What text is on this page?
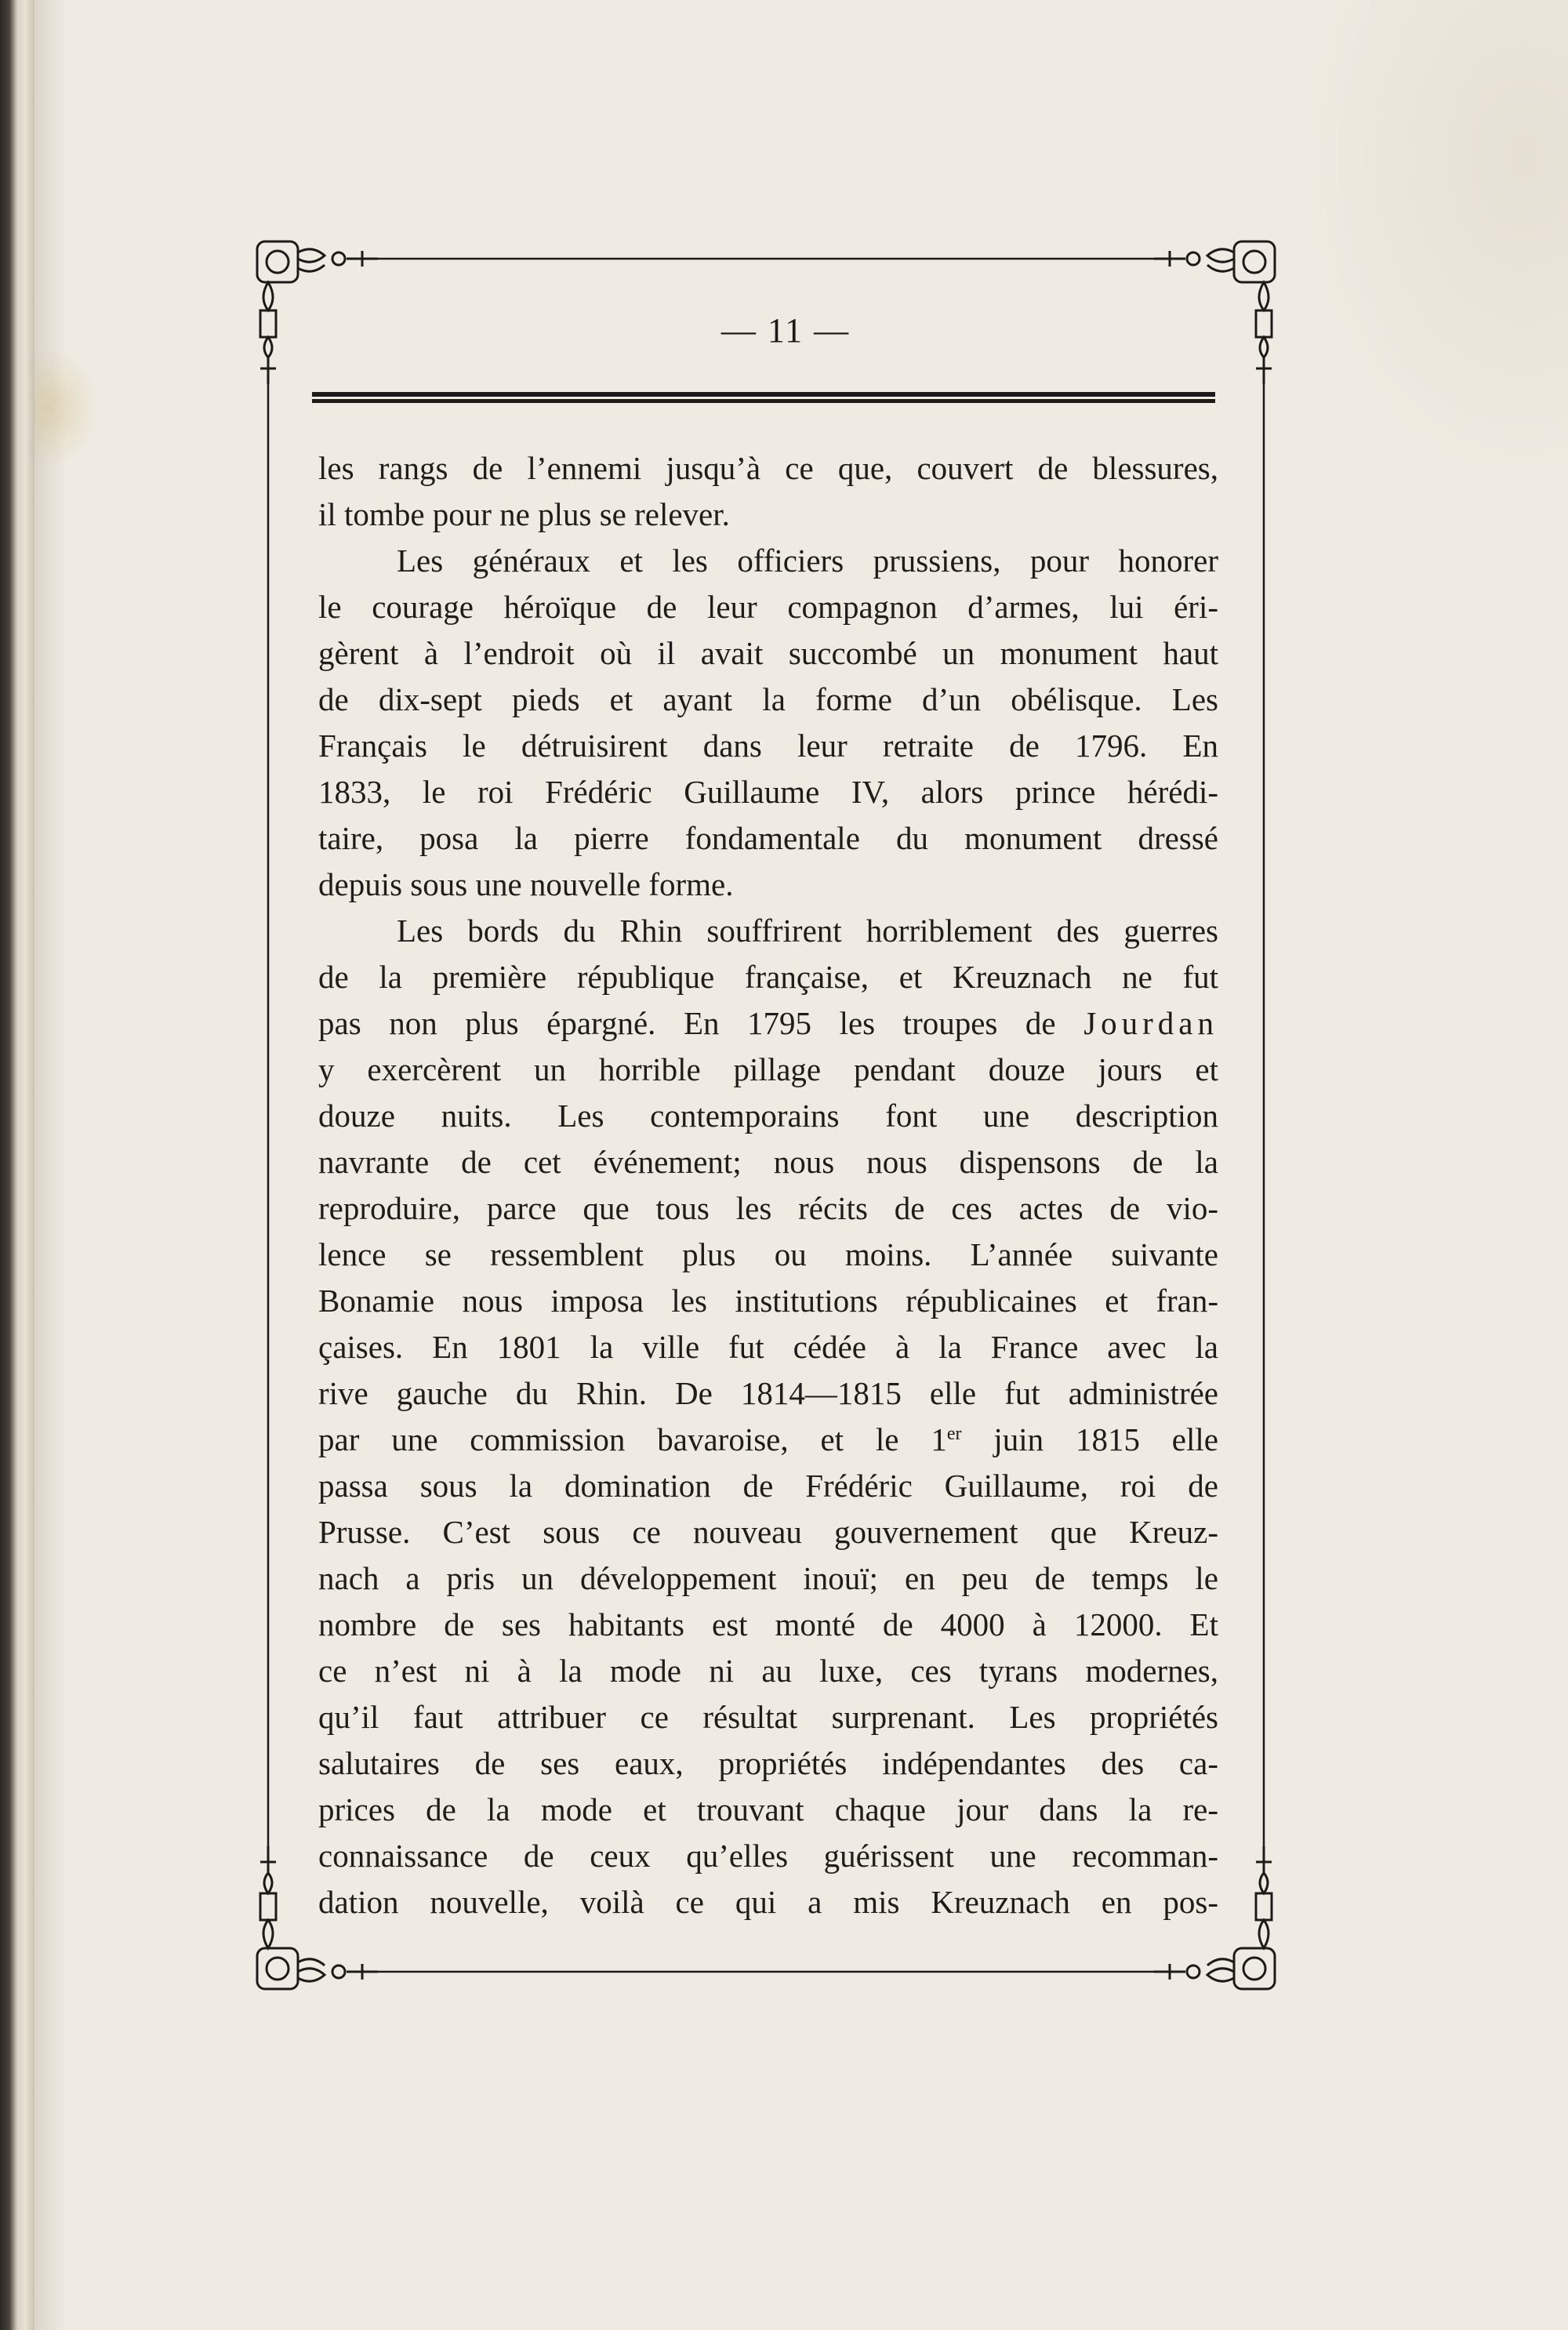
— 11 —
les rangs de l’ennemi jusqu’à ce que, couvert de blessures,
il tombe pour ne plus se relever.
Les généraux et les officiers prussiens, pour honorer
le courage héroïque de leur compagnon d’armes, lui éri-
gèrent à l’endroit où il avait succombé un monument haut
de dix-sept pieds et ayant la forme d’un obélisque. Les
Français le détruisirent dans leur retraite de 1796. En
1833, le roi Frédéric Guillaume IV, alors prince hérédi-
taire, posa la pierre fondamentale du monument dressé
depuis sous une nouvelle forme.
Les bords du Rhin souffrirent horriblement des guerres
de la première république française, et Kreuznach ne fut
pas non plus épargné. En 1795 les troupes de Jourdan
y exercèrent un horrible pillage pendant douze jours et
douze nuits. Les contemporains font une description
navrante de cet événement; nous nous dispensons de la
reproduire, parce que tous les récits de ces actes de vio-
lence se ressemblent plus ou moins. L’année suivante
Bonamie nous imposa les institutions républicaines et fran-
çaises. En 1801 la ville fut cédée à la France avec la
rive gauche du Rhin. De 1814—1815 elle fut administrée
par une commission bavaroise, et le 1er juin 1815 elle
passa sous la domination de Frédéric Guillaume, roi de
Prusse. C’est sous ce nouveau gouvernement que Kreuz-
nach a pris un développement inouï; en peu de temps le
nombre de ses habitants est monté de 4000 à 12000. Et
ce n’est ni à la mode ni au luxe, ces tyrans modernes,
qu’il faut attribuer ce résultat surprenant. Les propriétés
salutaires de ses eaux, propriétés indépendantes des ca-
prices de la mode et trouvant chaque jour dans la re-
connaissance de ceux qu’elles guérissent une recomman-
dation nouvelle, voilà ce qui a mis Kreuznach en pos-
